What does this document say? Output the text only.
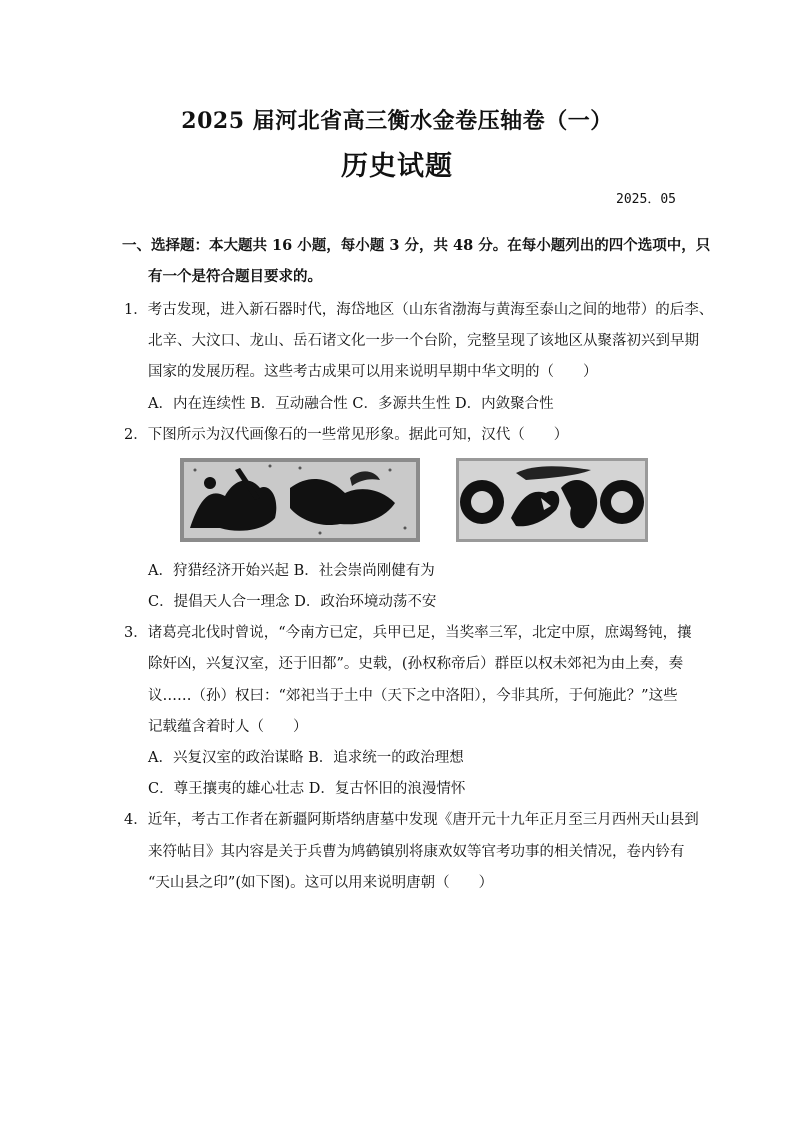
2025 届河北省高三衡水金卷压轴卷（一）
历史试题
2025．05
一、选择题：本大题共 16 小题，每小题 3 分，共 48 分。在每小题列出的四个选项中，只
有一个是符合题目要求的。
1．考古发现，进入新石器时代，海岱地区（山东省渤海与黄海至泰山之间的地带）的后李、
北辛、大汶口、龙山、岳石诸文化一步一个台阶，完整呈现了该地区从聚落初兴到早期
国家的发展历程。这些考古成果可以用来说明早期中华文明的（　　）
A．内在连续性 B．互动融合性 C．多源共生性 D．内敛聚合性
2．下图所示为汉代画像石的一些常见形象。据此可知，汉代（　　）
A．狩猎经济开始兴起 B．社会崇尚刚健有为
C．提倡天人合一理念 D．政治环境动荡不安
3．诸葛亮北伐时曾说，“今南方已定，兵甲已足，当奖率三军，北定中原，庶竭驽钝，攘
除奸凶，兴复汉室，还于旧都”。史载，(孙权称帝后）群臣以权未郊祀为由上奏，奏
议……（孙）权曰：“郊祀当于土中（天下之中洛阳），今非其所，于何施此？”这些
记载蕴含着时人（　　）
A．兴复汉室的政治谋略 B．追求统一的政治理想
C．尊王攘夷的雄心壮志 D．复古怀旧的浪漫情怀
4．近年，考古工作者在新疆阿斯塔纳唐墓中发现《唐开元十九年正月至三月西州天山县到
来符帖目》其内容是关于兵曹为鸠鹤镇别将康欢奴等官考功事的相关情况，卷内钤有
“天山县之印”(如下图)。这可以用来说明唐朝（　　）
